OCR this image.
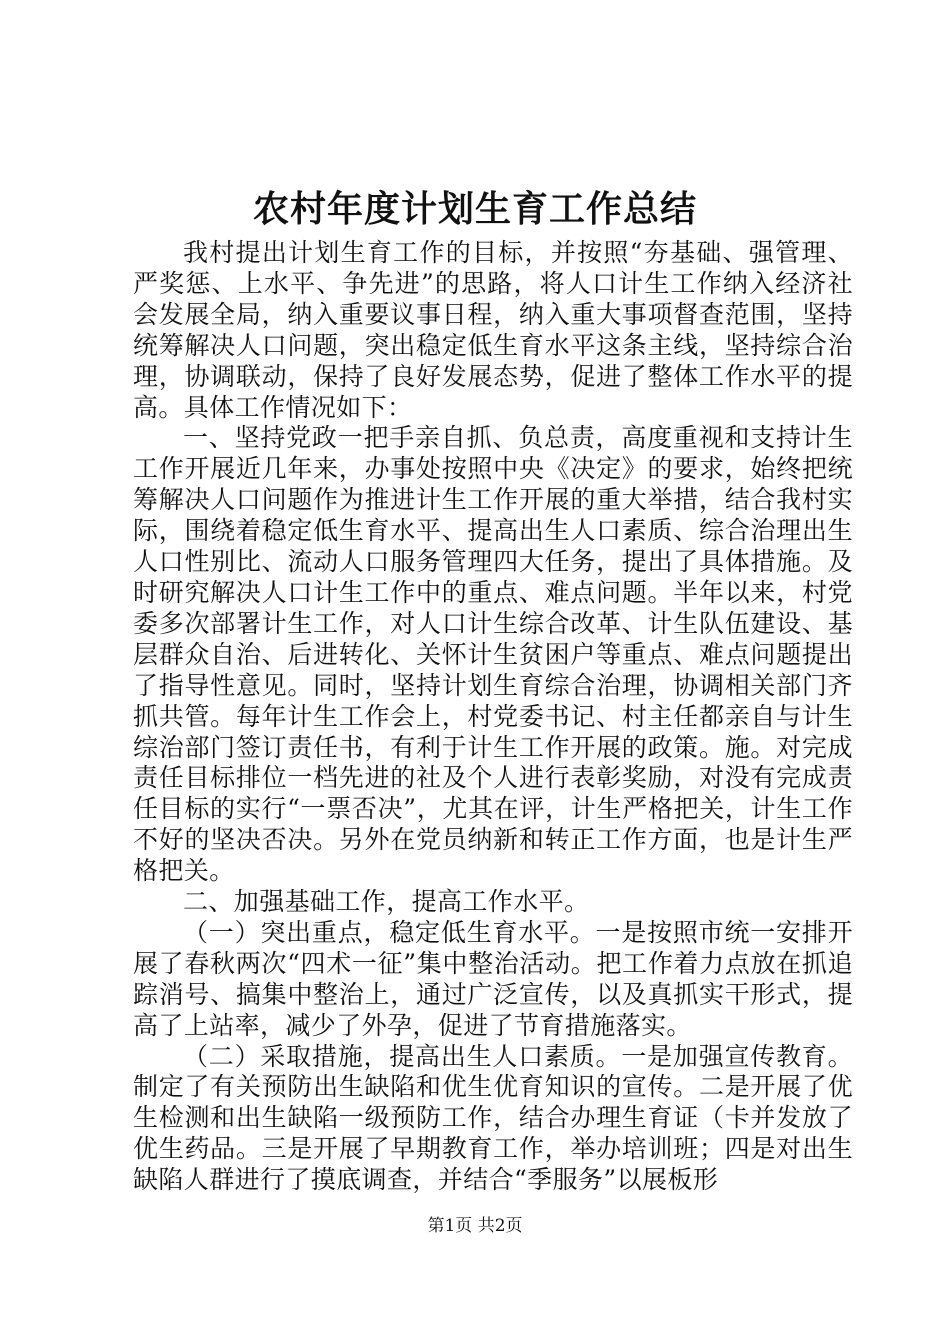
农村年度计划生育工作总结

我村提出计划生育工作的目标，并按照“夯基础、强管理、严奖惩、上水平、争先进”的思路，将人口计生工作纳入经济社会发展全局，纳入重要议事日程，纳入重大事项督查范围，坚持统筹解决人口问题，突出稳定低生育水平这条主线，坚持综合治理，协调联动，保持了良好发展态势，促进了整体工作水平的提高。具体工作情况如下：

一、坚持党政一把手亲自抓、负总责，高度重视和支持计生工作开展近几年来，办事处按照中央《决定》的要求，始终把统筹解决人口问题作为推进计生工作开展的重大举措，结合我村实际，围绕着稳定低生育水平、提高出生人口素质、综合治理出生人口性别比、流动人口服务管理四大任务，提出了具体措施。及时研究解决人口计生工作中的重点、难点问题。半年以来，村党委多次部署计生工作，对人口计生综合改革、计生队伍建设、基层群众自治、后进转化、关怀计生贫困户等重点、难点问题提出了指导性意见。同时，坚持计划生育综合治理，协调相关部门齐抓共管。每年计生工作会上，村党委书记、村主任都亲自与计生综治部门签订责任书，有利于计生工作开展的政策。施。对完成责任目标排位一档先进的社及个人进行表彰奖励，对没有完成责任目标的实行“一票否决”，尤其在评，计生严格把关，计生工作不好的坚决否决。另外在党员纳新和转正工作方面，也是计生严格把关。

二、加强基础工作，提高工作水平。

（一）突出重点，稳定低生育水平。一是按照市统一安排开展了春秋两次“四术一征”集中整治活动。把工作着力点放在抓追踪消号、搞集中整治上，通过广泛宣传，以及真抓实干形式，提高了上站率，减少了外孕，促进了节育措施落实。

（二）采取措施，提高出生人口素质。一是加强宣传教育。制定了有关预防出生缺陷和优生优育知识的宣传。二是开展了优生检测和出生缺陷一级预防工作，结合办理生育证（卡并发放了优生药品。三是开展了早期教育工作，举办培训班；四是对出生缺陷人群进行了摸底调查，并结合“季服务”以展板形

第1页 共2页
